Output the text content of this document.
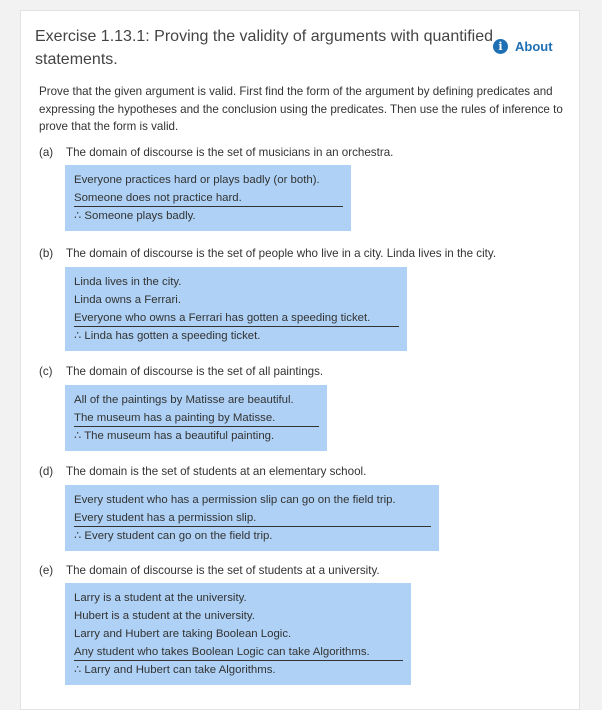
Exercise 1.13.1: Proving the validity of arguments with quantified statements.
i About
Prove that the given argument is valid. First find the form of the argument by defining predicates and expressing the hypotheses and the conclusion using the predicates. Then use the rules of inference to prove that the form is valid.
(a) The domain of discourse is the set of musicians in an orchestra.
Everyone practices hard or plays badly (or both).
Someone does not practice hard.
∴ Someone plays badly.
(b) The domain of discourse is the set of people who live in a city. Linda lives in the city.
Linda lives in the city.
Linda owns a Ferrari.
Everyone who owns a Ferrari has gotten a speeding ticket.
∴ Linda has gotten a speeding ticket.
(c) The domain of discourse is the set of all paintings.
All of the paintings by Matisse are beautiful.
The museum has a painting by Matisse.
∴ The museum has a beautiful painting.
(d) The domain is the set of students at an elementary school.
Every student who has a permission slip can go on the field trip.
Every student has a permission slip.
∴ Every student can go on the field trip.
(e) The domain of discourse is the set of students at a university.
Larry is a student at the university.
Hubert is a student at the university.
Larry and Hubert are taking Boolean Logic.
Any student who takes Boolean Logic can take Algorithms.
∴ Larry and Hubert can take Algorithms.
